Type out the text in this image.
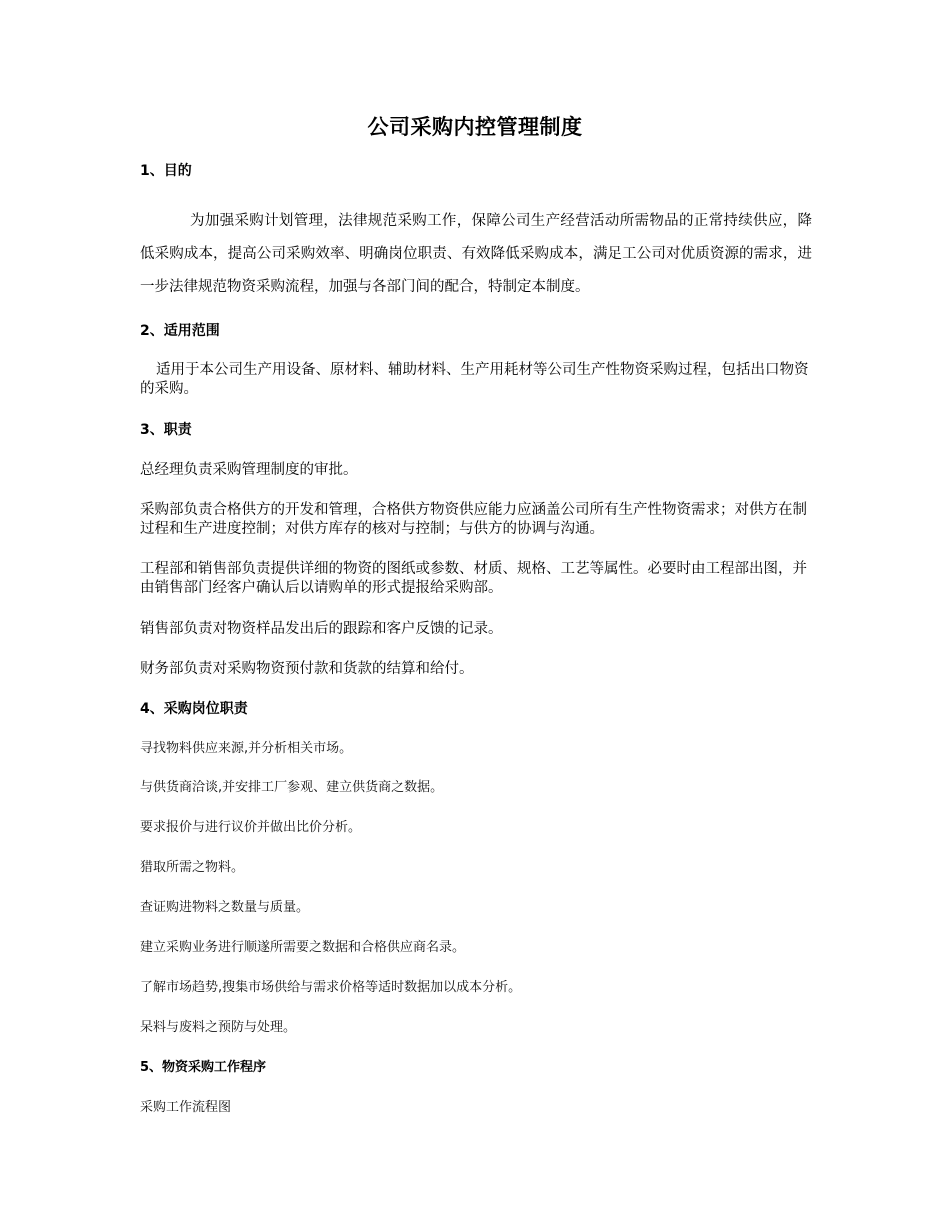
公司采购内控管理制度
1、目的
为加强采购计划管理，法律规范采购工作，保障公司生产经营活动所需物品的正常持续供应，降低采购成本，提高公司采购效率、明确岗位职责、有效降低采购成本，满足工公司对优质资源的需求，进一步法律规范物资采购流程，加强与各部门间的配合，特制定本制度。
2、适用范围
适用于本公司生产用设备、原材料、辅助材料、生产用耗材等公司生产性物资采购过程，包括出口物资的采购。
3、职责
总经理负责采购管理制度的审批。
采购部负责合格供方的开发和管理，合格供方物资供应能力应涵盖公司所有生产性物资需求；对供方在制过程和生产进度控制；对供方库存的核对与控制；与供方的协调与沟通。
工程部和销售部负责提供详细的物资的图纸或参数、材质、规格、工艺等属性。必要时由工程部出图，并由销售部门经客户确认后以请购单的形式提报给采购部。
销售部负责对物资样品发出后的跟踪和客户反馈的记录。
财务部负责对采购物资预付款和货款的结算和给付。
4、采购岗位职责
寻找物料供应来源,并分析相关市场。
与供货商洽谈,并安排工厂参观、建立供货商之数据。
要求报价与进行议价并做出比价分析。
猎取所需之物料。
查证购进物料之数量与质量。
建立采购业务进行顺遂所需要之数据和合格供应商名录。
了解市场趋势,搜集市场供给与需求价格等适时数据加以成本分析。
呆料与废料之预防与处理。
5、物资采购工作程序
采购工作流程图
